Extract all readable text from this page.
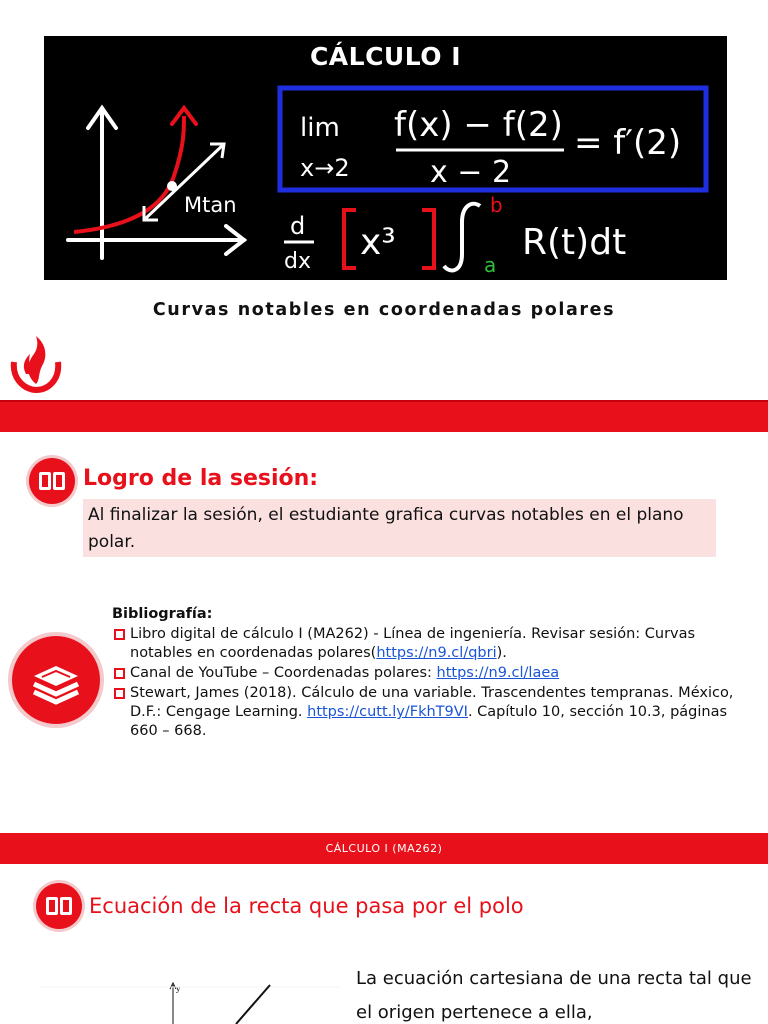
Mtan
lim
x→2
f(x) − f(2)
x − 2
= f′(2)
d
dx x³
b
a
R(t)dt
CÁLCULO I
Curvas notables en coordenadas polares
Logro de la sesión:
Al finalizar la sesión, el estudiante grafica curvas notables en el plano polar.
Bibliografía:
Libro digital de cálculo I (MA262) - Línea de ingeniería. Revisar sesión: Curvas notables en coordenadas polares(https://n9.cl/qbri).
Canal de YouTube – Coordenadas polares: https://n9.cl/laea
Stewart, James (2018). Cálculo de una variable. Trascendentes tempranas. México, D.F.: Cengage Learning. https://cutt.ly/FkhT9VI. Capítulo 10, sección 10.3, páginas 660 – 668.
CÁLCULO I (MA262)
Ecuación de la recta que pasa por el polo
y	La ecuación cartesiana de una recta tal que el origen pertenece a ella,
